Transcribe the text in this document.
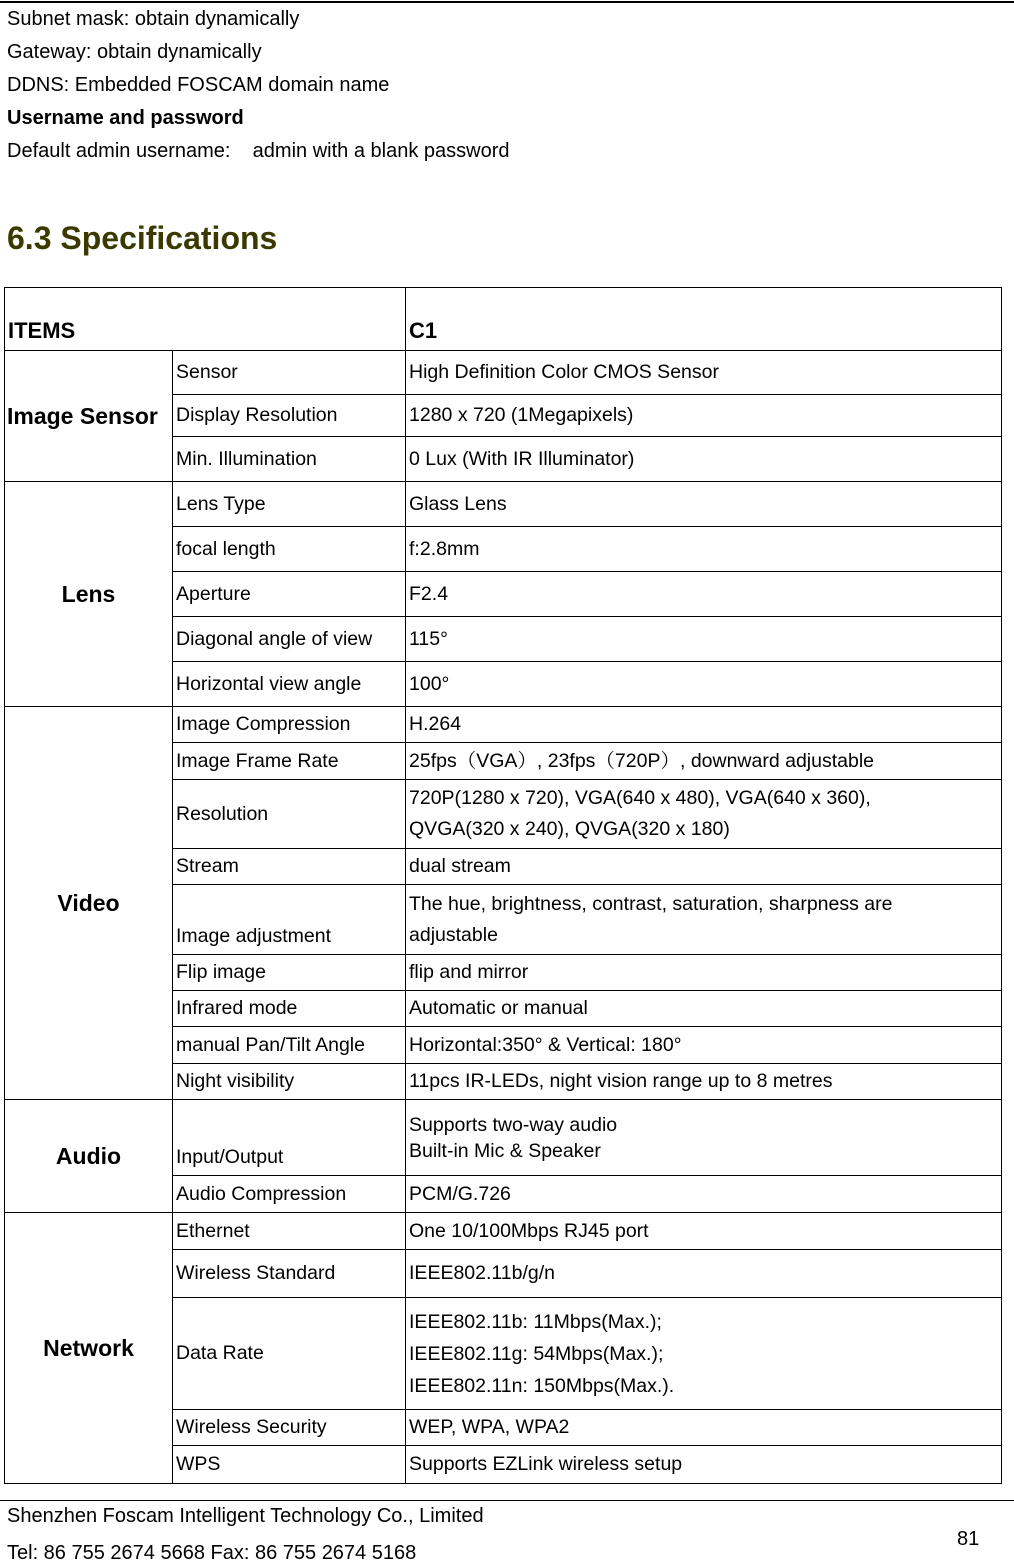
Subnet mask: obtain dynamically
Gateway: obtain dynamically
DDNS: Embedded FOSCAM domain name
Username and password
Default admin username:    admin with a blank password
6.3 Specifications
ITEMS		C1
Image Sensor	Sensor	High Definition Color CMOS Sensor
	Display Resolution	1280 x 720 (1Megapixels)
	Min. Illumination	0 Lux (With IR Illuminator)
Lens	Lens Type	Glass Lens
	focal length	f:2.8mm
	Aperture	F2.4
	Diagonal angle of view	115°
	Horizontal view angle	100°
Video	Image Compression	H.264
	Image Frame Rate	25fps（VGA）, 23fps（720P）, downward adjustable
	Resolution	720P(1280 x 720), VGA(640 x 480), VGA(640 x 360),
QVGA(320 x 240), QVGA(320 x 180)

	Stream	dual stream
	Image adjustment	The hue, brightness, contrast, saturation, sharpness are
adjustable

	Flip image	flip and mirror
	Infrared mode	Automatic or manual
	manual Pan/Tilt Angle	Horizontal:350° & Vertical: 180°
	Night visibility	11pcs IR-LEDs, night vision range up to 8 metres
Audio	Input/Output	Supports two-way audio
Built-in Mic & Speaker

	Audio Compression	PCM/G.726
Network	Ethernet	One 10/100Mbps RJ45 port
	Wireless Standard	IEEE802.11b/g/n
	Data Rate	IEEE802.11b: 11Mbps(Max.);
IEEE802.11g: 54Mbps(Max.);
IEEE802.11n: 150Mbps(Max.).

	Wireless Security	WEP, WPA, WPA2
	WPS	Supports EZLink wireless setup
Shenzhen Foscam Intelligent Technology Co., Limited
Tel: 86 755 2674 5668 Fax: 86 755 2674 5168
81
